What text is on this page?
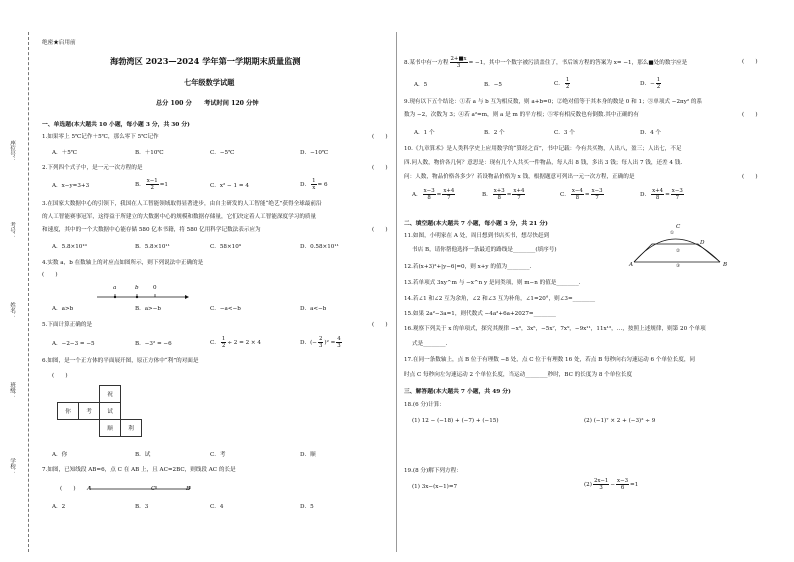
座位号：
考号：
姓名：
班级：
学校：
绝密★启用前
海勃湾区 2023—2024 学年第一学期期末质量监测
七年级数学试题
总分 100 分　　考试时间 120 分钟
一、单选题(本大题共 10 小题，每小题 3 分，共 30 分)
1.如果零上 5℃记作＋5℃，那么零下 5℃记作	(　　)
A．＋5℃	B．＋10℃	C．−5℃	D．−10℃
2.下列四个式子中，是一元一次方程的是	(　　)
A．x−y=3+3	B． $\frac{x-1}{2} =1$	C．x² − 1 = 4	D． $\frac{1}{x} = 6$
3.在国家大数据中心的引领下，我国在人工智能领域取得显著进步，由自主研发的人工智能“绝艺”获得全球最前沿
的人工智能赛事冠军，这得益于所建立的大数据中心的规模和数据存储量，它们决定着人工智能深度学习的质量
和速度，其中的一个大数据中心能存储 580 亿本书籍，将 580 亿用科学记数法表示应为	(　　)
A．5.8×10¹⁰	B．5.8×10¹¹	C．58×10⁹	D．0.58×10¹¹
4.实数 a，b 在数轴上的对应点如图所示，则下列说法中正确的是
(　　)
a	b	0
A．a>b	B．a>−b	C．−a<−b	D．a<−b
5.下面计算正确的是	(　　)
A．−2−3 = −5	B．−3² = −6	C． $\frac{1}{2} \div 2 = 2 \times 4$	D．(− $\frac{2}{3} )^2 = \frac{4}{3}$
6.如图，是一个正方体的平面展开图，原正方体中“利”的对面是
(　　)
		祝	
你	考	试	
		顺	利
A．你	B．试	C．考	D．顺
7.如图，已知线段 AB=6，点 C 在 AB 上，且 AC=2BC，则线段 AC 的长是
(　　) A	C	B
A．2	B．3	C．4	D．5
8.某书中有一方程 $\frac{2+■x}{3} = -1$，其中一个数字被污渍盖住了，书后该方程的答案为 x= −1，那么■处的数字应是	(　　)
A．5	B．−5	C． $\frac{1}{2}$	D．− $\frac{1}{2}$
9.现有以下五个结论：①若 a 与 b 互为相反数，则 a+b=0；②绝对值等于其本身的数是 0 和 1；③单项式 −2πy² 的系
数为 −2，次数为 3；④若 a²=m，则 a 是 m 的平方根；⑤零有相反数也有倒数.其中正确的有	(　　)
A．1 个	B．2 个	C．3 个	D．4 个
10.《九章算术》是人类科学史上应用数学的“算经之首”，书中记载：今有共买物，人出八，盈三；人出七，不足
四.问人数，物价各几何？意思是：现有几个人共买一件物品，每人出 8 钱，多出 3 钱；每人出 7 钱，还差 4 钱.
问：人数，物品价格各多少？若设物品价格为 x 钱，根据题意可列出一元一次方程，正确的是	(　　)
A． $\frac{x-3}{8} = \frac{x+4}{7}$	B． $\frac{x+3}{8} = \frac{x+4}{7}$	C． $\frac{x-4}{8} = \frac{x-3}{7}$	D． $\frac{x+4}{8} = \frac{x-3}{7}$
二、填空题(本大题共 7 小题，每小题 3 分，共 21 分)
11.如图，小明家在 A 处，周日想到书店买书，想尽快赶到
书店 B，请你帮他选择一条最近的路线是________(填序号)
C
D
A	B
①
②
③
12.若(x+3)²+|y−6|=0，则 x+y 的值为________.
13.若单项式 3xy^m 与 −x^n y 是同类项，则 m−n 的值是________.
14.若∠1 和∠2 互为余角，∠2 和∠3 互为补角，∠1=20°，则∠3=________
15.如果 2a²−3a=1，则代数式 −4a²+6a+2027=________
16.观察下列关于 x 的单项式，探究其规律 −x³，3x⁵，−5x⁷，7x⁹，−9x¹¹，11x¹³，…，按照上述规律，则第 20 个单项
式是________.
17.在同一条数轴上，点 B 位于有理数 −8 处，点 C 位于有理数 16 处，若点 B 每秒向右匀速运动 6 个单位长度，同
时点 C 每秒向左匀速运动 2 个单位长度，当运动________秒时，BC 的长度为 8 个单位长度
三、解答题(本大题共 7 小题，共 49 分)
18.(6 分)计算：
(1) 12 − (−18) + (−7) + (−15)	(2) (−1)⁷ × 2 + (−3)² ÷ 9
19.(8 分)解下列方程：
(1) 3x−(x−1)=7	$(2) \frac{2x-1}{3} - \frac{x-3}{6} =1$
